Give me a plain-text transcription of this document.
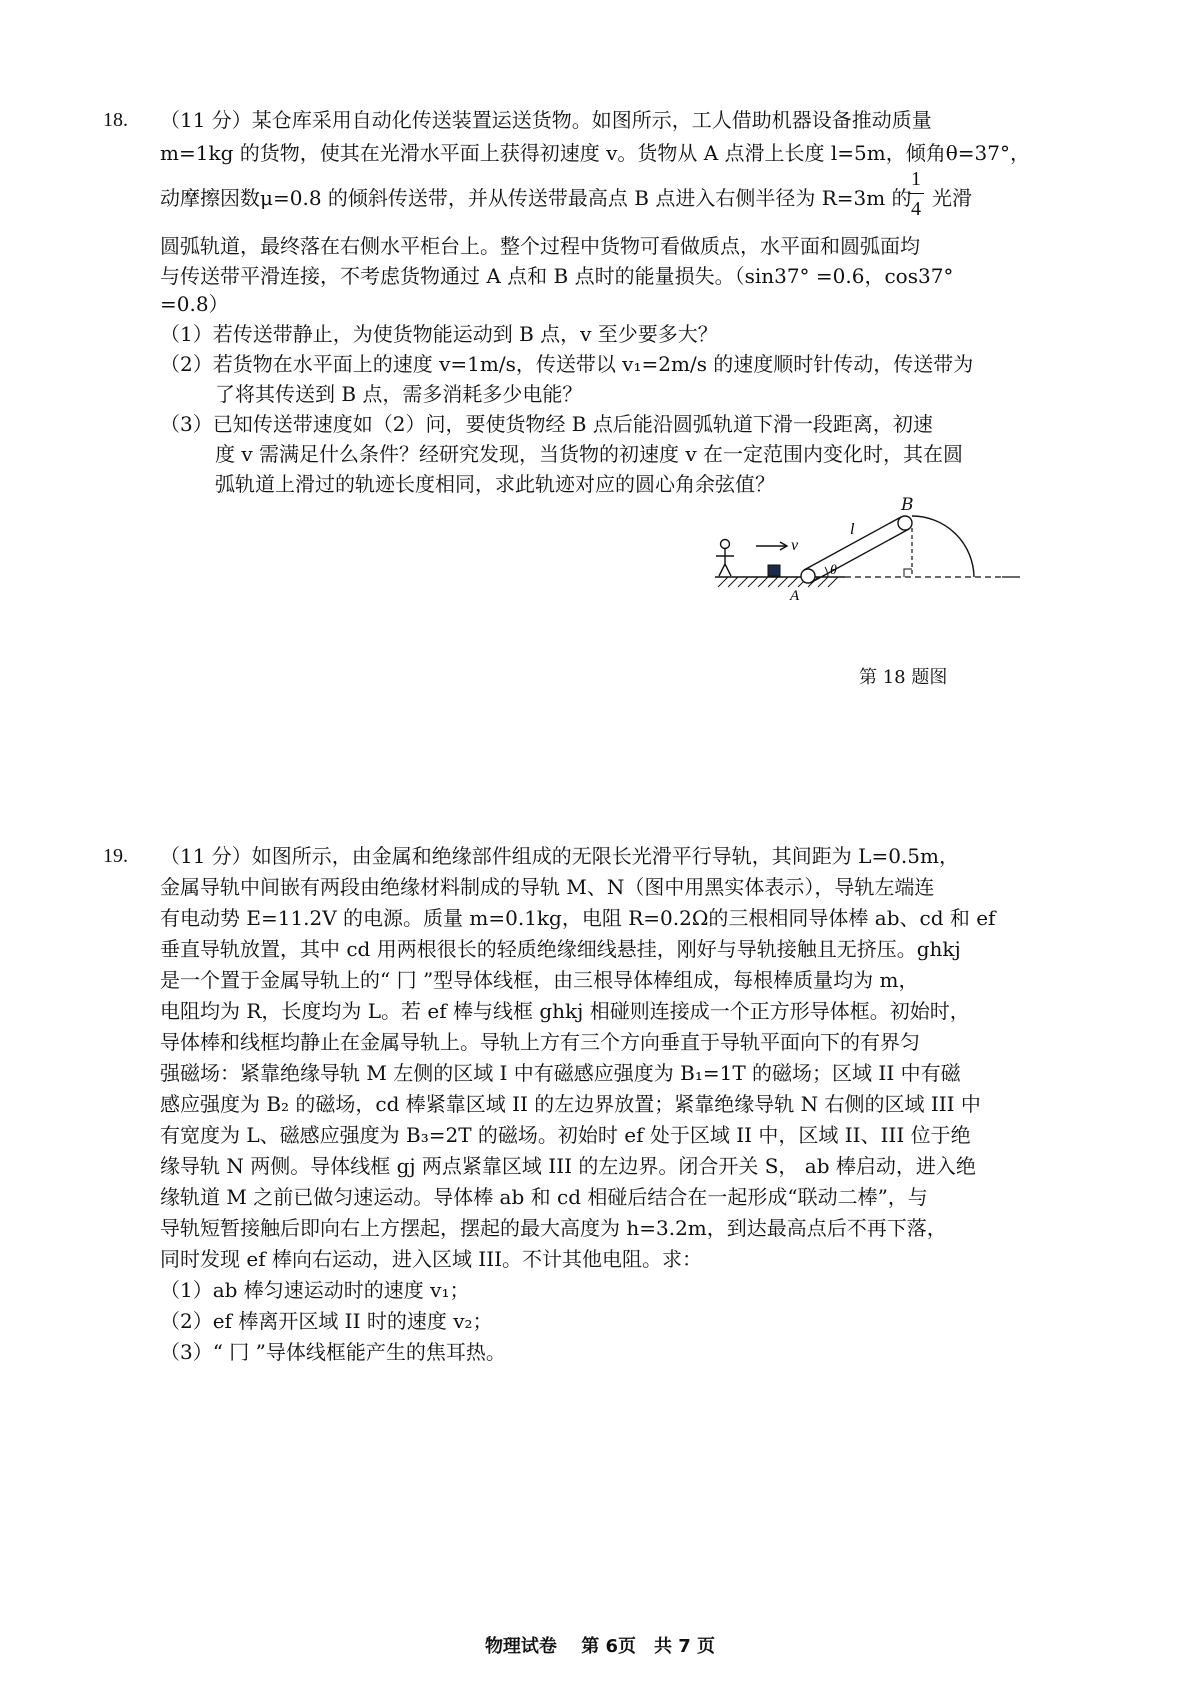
18. （11 分）某仓库采用自动化传送装置运送货物。如图所示，工人借助机器设备推动质量
m=1kg 的货物，使其在光滑水平面上获得初速度 v。货物从 A 点滑上长度 l=5m，倾角θ=37°，
动摩擦因数μ=0.8 的倾斜传送带，并从传送带最高点 B 点进入右侧半径为 R=3m 的
1
4 光滑
圆弧轨道，最终落在右侧水平柜台上。整个过程中货物可看做质点，水平面和圆弧面均
与传送带平滑连接，不考虑货物通过 A 点和 B 点时的能量损失。（sin37° =0.6，cos37°
=0.8）
（1）若传送带静止，为使货物能运动到 B 点，v 至少要多大？
（2）若货物在水平面上的速度 v=1m/s，传送带以 v₁=2m/s 的速度顺时针传动，传送带为
了将其传送到 B 点，需多消耗多少电能？
（3）已知传送带速度如（2）问，要使货物经 B 点后能沿圆弧轨道下滑一段距离，初速
度 v 需满足什么条件？经研究发现，当货物的初速度 v 在一定范围内变化时，其在圆
弧轨道上滑过的轨迹长度相同，求此轨迹对应的圆心角余弦值？
v
θ
l
A
B
第 18 题图
19. （11 分）如图所示，由金属和绝缘部件组成的无限长光滑平行导轨，其间距为 L=0.5m，
金属导轨中间嵌有两段由绝缘材料制成的导轨 M、N（图中用黑实体表示），导轨左端连
有电动势 E=11.2V 的电源。质量 m=0.1kg，电阻 R=0.2Ω的三根相同导体棒 ab、cd 和 ef
垂直导轨放置，其中 cd 用两根很长的轻质绝缘细线悬挂，刚好与导轨接触且无挤压。ghkj
是一个置于金属导轨上的“ 冂 ”型导体线框，由三根导体棒组成，每根棒质量均为 m，
电阻均为 R，长度均为 L。若 ef 棒与线框 ghkj 相碰则连接成一个正方形导体框。初始时，
导体棒和线框均静止在金属导轨上。导轨上方有三个方向垂直于导轨平面向下的有界匀
强磁场：紧靠绝缘导轨 M 左侧的区域 I 中有磁感应强度为 B₁=1T 的磁场；区域 II 中有磁
感应强度为 B₂ 的磁场，cd 棒紧靠区域 II 的左边界放置；紧靠绝缘导轨 N 右侧的区域 III 中
有宽度为 L、磁感应强度为 B₃=2T 的磁场。初始时 ef 处于区域 II 中，区域 II、III 位于绝
缘导轨 N 两侧。导体线框 gj 两点紧靠区域 III 的左边界。闭合开关 S， ab 棒启动，进入绝
缘轨道 M 之前已做匀速运动。导体棒 ab 和 cd 相碰后结合在一起形成“联动二棒”，与
导轨短暂接触后即向右上方摆起，摆起的最大高度为 h=3.2m，到达最高点后不再下落，
同时发现 ef 棒向右运动，进入区域 III。不计其他电阻。求：
（1）ab 棒匀速运动时的速度 v₁；
（2）ef 棒离开区域 II 时的速度 v₂；
（3）“ 冂 ”导体线框能产生的焦耳热。
物理试卷　 第 6页　共 7 页
